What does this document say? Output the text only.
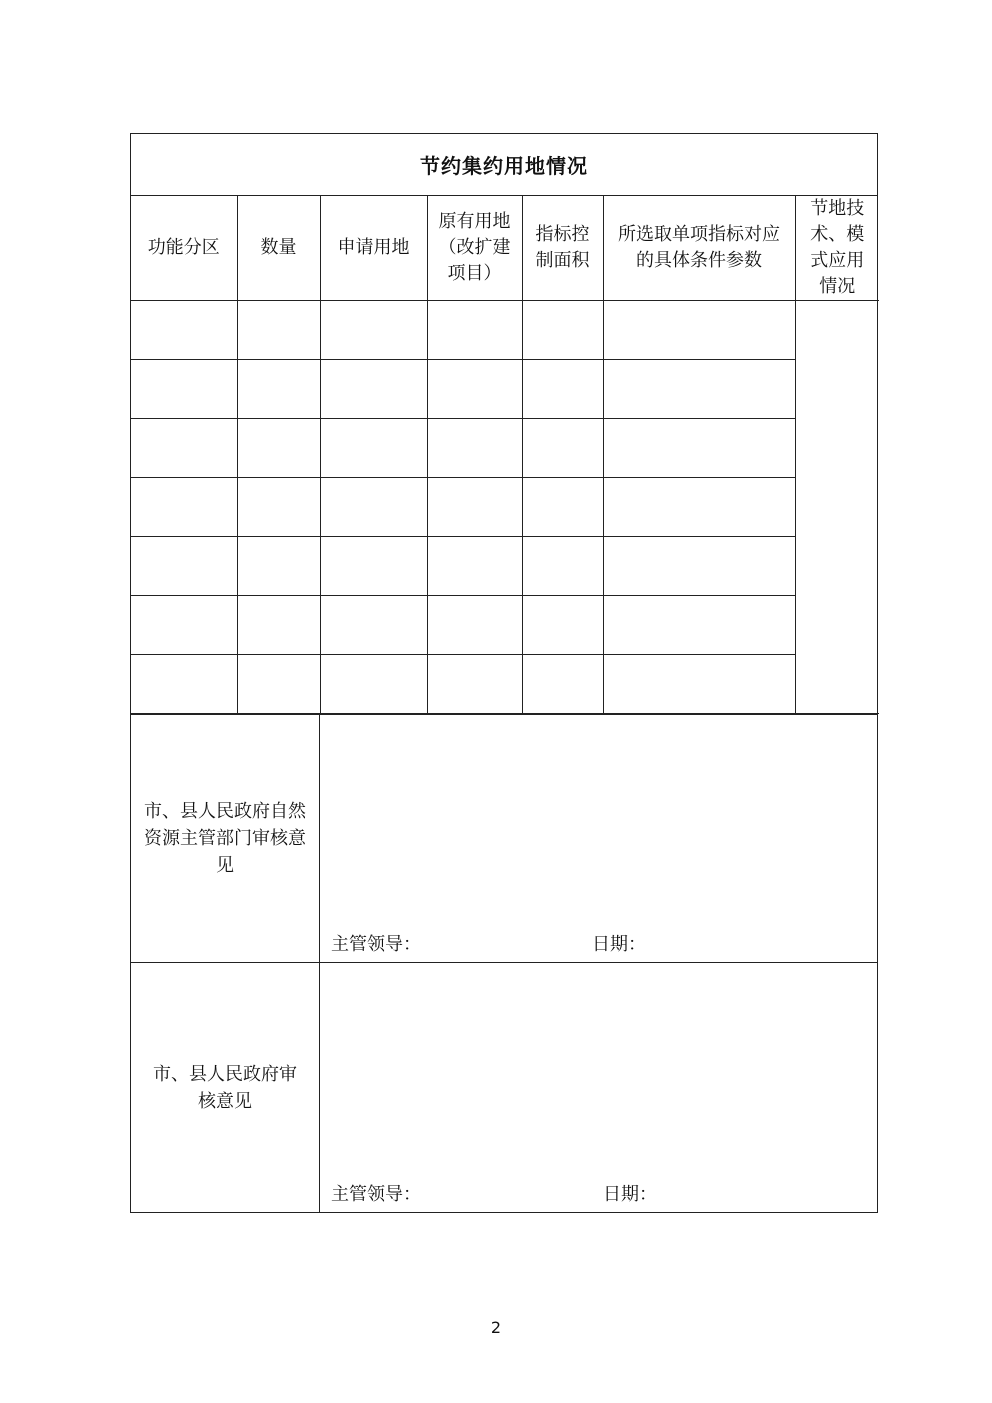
节约集约用地情况
功能分区	数量	申请用地	原有用地（改扩建项目）	指标控制面积	所选取单项指标对应的具体条件参数	节地技术、模式应用情况

市、县人民政府自然资源主管部门审核意见
主管领导：	日期：
市、县人民政府审核意见
主管领导：	日期：
2
